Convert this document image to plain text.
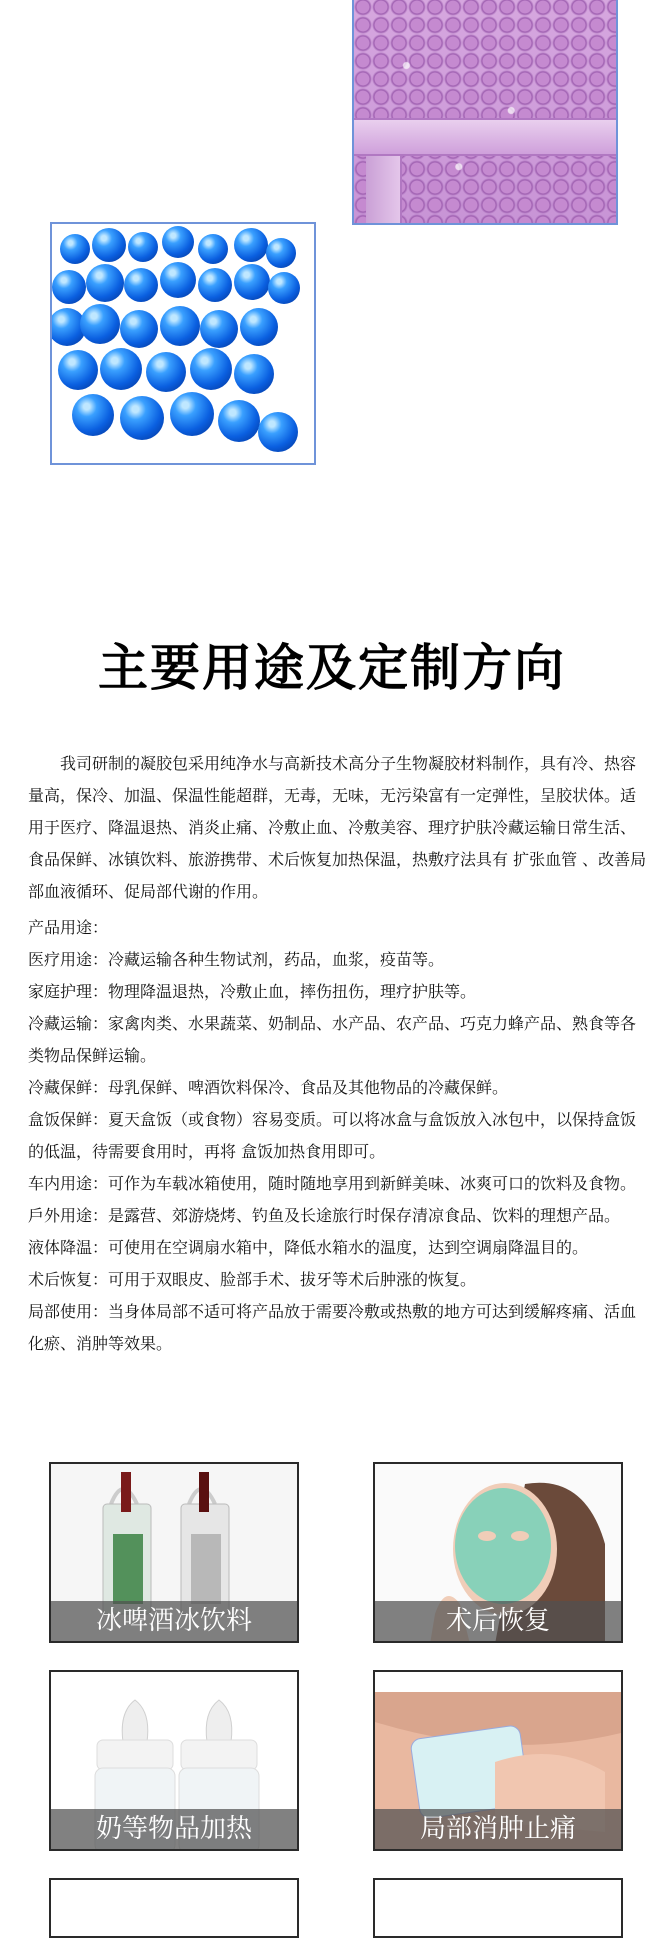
主要用途及定制方向

我司研制的凝胶包采用纯净水与高新技术高分子生物凝胶材料制作，具有冷、热容量高，保冷、加温、保温性能超群，无毒，无味，无污染富有一定弹性，呈胶状体。适用于医疗、降温退热、消炎止痛、冷敷止血、冷敷美容、理疗护肤冷藏运输日常生活、食品保鲜、冰镇饮料、旅游携带、术后恢复加热保温，热敷疗法具有 扩张血管 、改善局部血液循环、促局部代谢的作用。

产品用途：

医疗用途：冷藏运输各种生物试剂，药品，血浆，疫苗等。

家庭护理：物理降温退热，冷敷止血，摔伤扭伤，理疗护肤等。

冷藏运输：家禽肉类、水果蔬菜、奶制品、水产品、农产品、巧克力蜂产品、熟食等各类物品保鲜运输。

冷藏保鲜：母乳保鲜、啤酒饮料保冷、食品及其他物品的冷藏保鲜。

盒饭保鲜：夏天盒饭（或食物）容易变质。可以将冰盒与盒饭放入冰包中，以保持盒饭的低温，待需要食用时，再将 盒饭加热食用即可。

车内用途：可作为车载冰箱使用，随时随地享用到新鲜美味、冰爽可口的饮料及食物。

戶外用途：是露营、郊游烧烤、钓鱼及长途旅行时保存清凉食品、饮料的理想产品。

液体降温：可使用在空调扇水箱中，降低水箱水的温度，达到空调扇降温目的。

术后恢复：可用于双眼皮、脸部手术、拔牙等术后肿涨的恢复。

局部使用：当身体局部不适可将产品放于需要冷敷或热敷的地方可达到缓解疼痛、活血化瘀、消肿等效果。

冰啤酒冰饮料	术后恢复
奶等物品加热	局部消肿止痛
